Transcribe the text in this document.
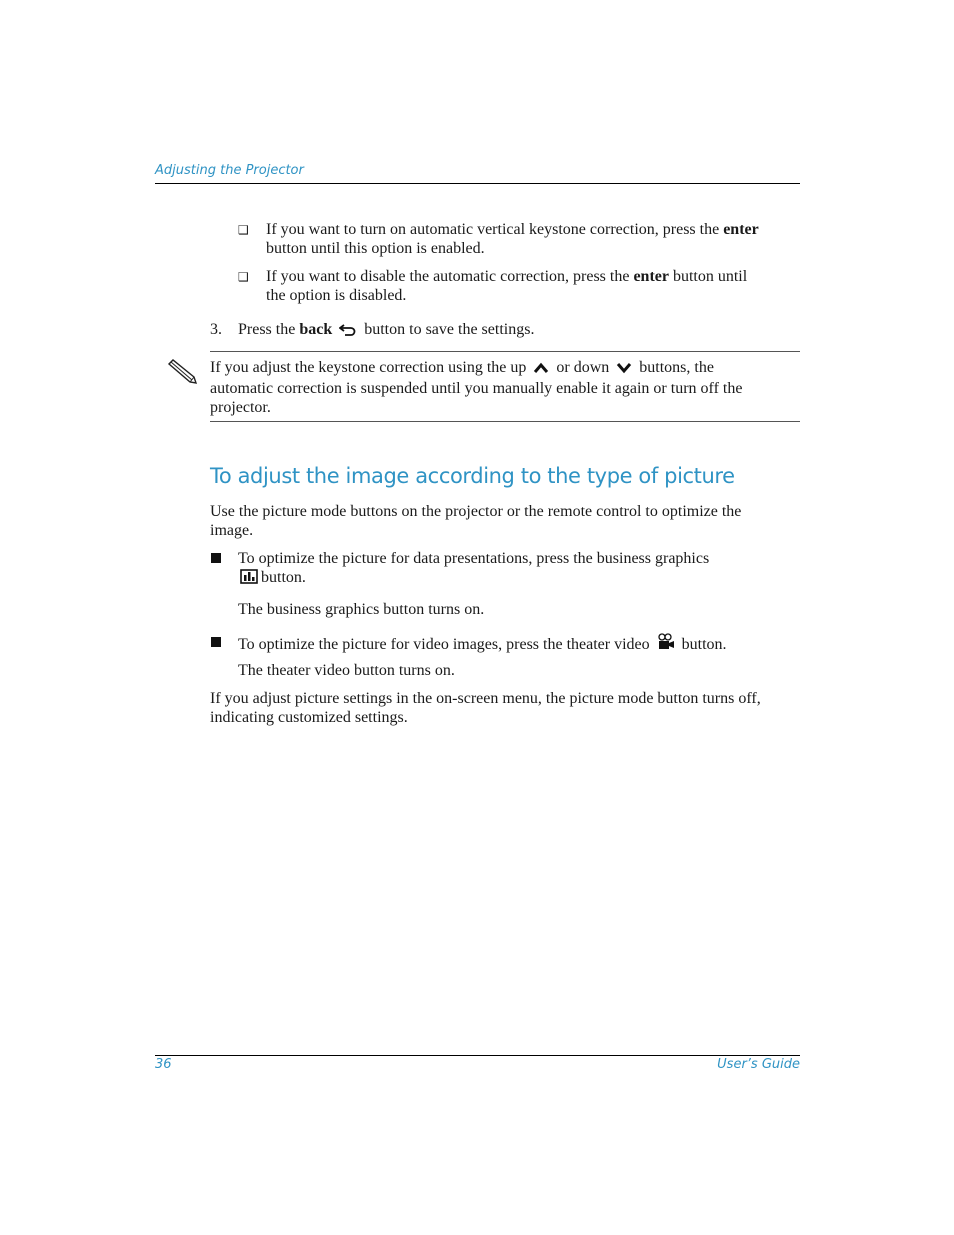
Adjusting the Projector
❑ If you want to turn on automatic vertical keystone correction, press the enter
button until this option is enabled.
❑ If you want to disable the automatic correction, press the enter button until
the option is disabled.
3. Press the back  button to save the settings.
If you adjust the keystone correction using the up  or down  buttons, the
automatic correction is suspended until you manually enable it again or turn off the
projector.
To adjust the image according to the type of picture
Use the picture mode buttons on the projector or the remote control to optimize the
image.
To optimize the picture for data presentations, press the business graphics
button.
The business graphics button turns on.
To optimize the picture for video images, press the theater video  button.
The theater video button turns on.
If you adjust picture settings in the on-screen menu, the picture mode button turns off,
indicating customized settings.
36	User’s Guide
